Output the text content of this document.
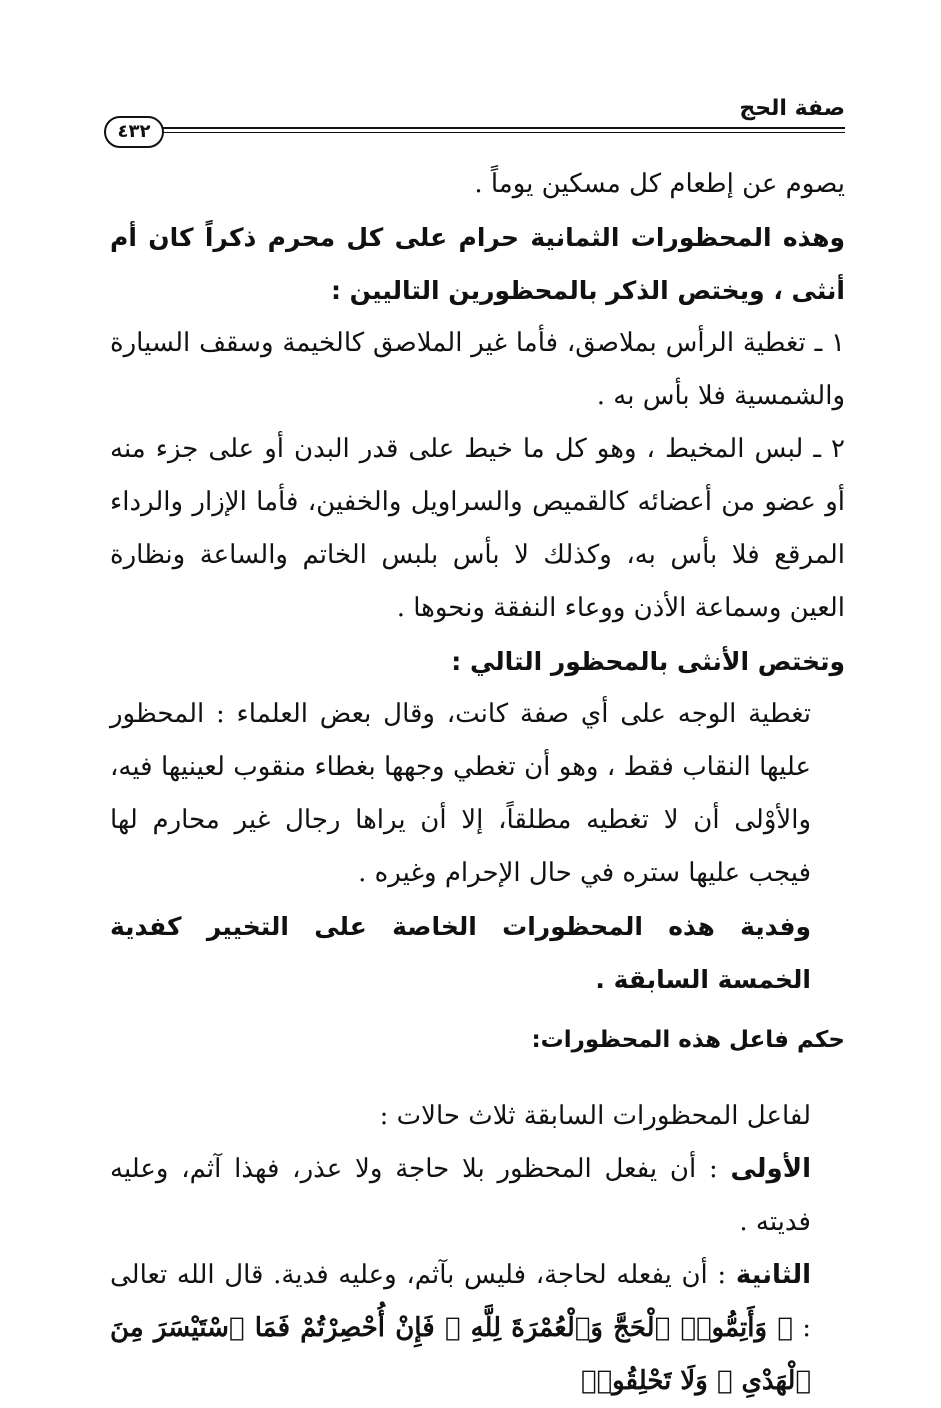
صفة الحج
٤٣٢

يصوم عن إطعام كل مسكين يوماً .

وهذه المحظورات الثمانية حرام على كل محرم ذكراً كان أم أنثى ، ويختص الذكر بالمحظورين التاليين :

١ ـ تغطية الرأس بملاصق، فأما غير الملاصق كالخيمة وسقف السيارة والشمسية فلا بأس به .

٢ ـ لبس المخيط ، وهو كل ما خيط على قدر البدن أو على جزء منه أو عضو من أعضائه كالقميص والسراويل والخفين، فأما الإزار والرداء المرقع فلا بأس به، وكذلك لا بأس بلبس الخاتم والساعة ونظارة العين وسماعة الأذن ووعاء النفقة ونحوها .

وتختص الأنثى بالمحظور التالي :

تغطية الوجه على أي صفة كانت، وقال بعض العلماء : المحظور عليها النقاب فقط ، وهو أن تغطي وجهها بغطاء منقوب لعينيها فيه، والأوْلى أن لا تغطيه مطلقاً، إلا أن يراها رجال غير محارم لها فيجب عليها ستره في حال الإحرام وغيره .

وفدية هذه المحظورات الخاصة على التخيير كفدية الخمسة السابقة .

حكم فاعل هذه المحظورات:

لفاعل المحظورات السابقة ثلاث حالات :

الأولى : أن يفعل المحظور بلا حاجة ولا عذر، فهذا آثم، وعليه فديته .

الثانية : أن يفعله لحاجة، فليس بآثم، وعليه فدية. قال الله تعالى : ﴿ وَأَتِمُّوا۟ ٱلْحَجَّ وَٱلْعُمْرَةَ لِلَّهِ ۚ فَإِنْ أُحْصِرْتُمْ فَمَا ٱسْتَيْسَرَ مِنَ ٱلْهَدْىِ ۖ وَلَا تَحْلِقُوا۟
